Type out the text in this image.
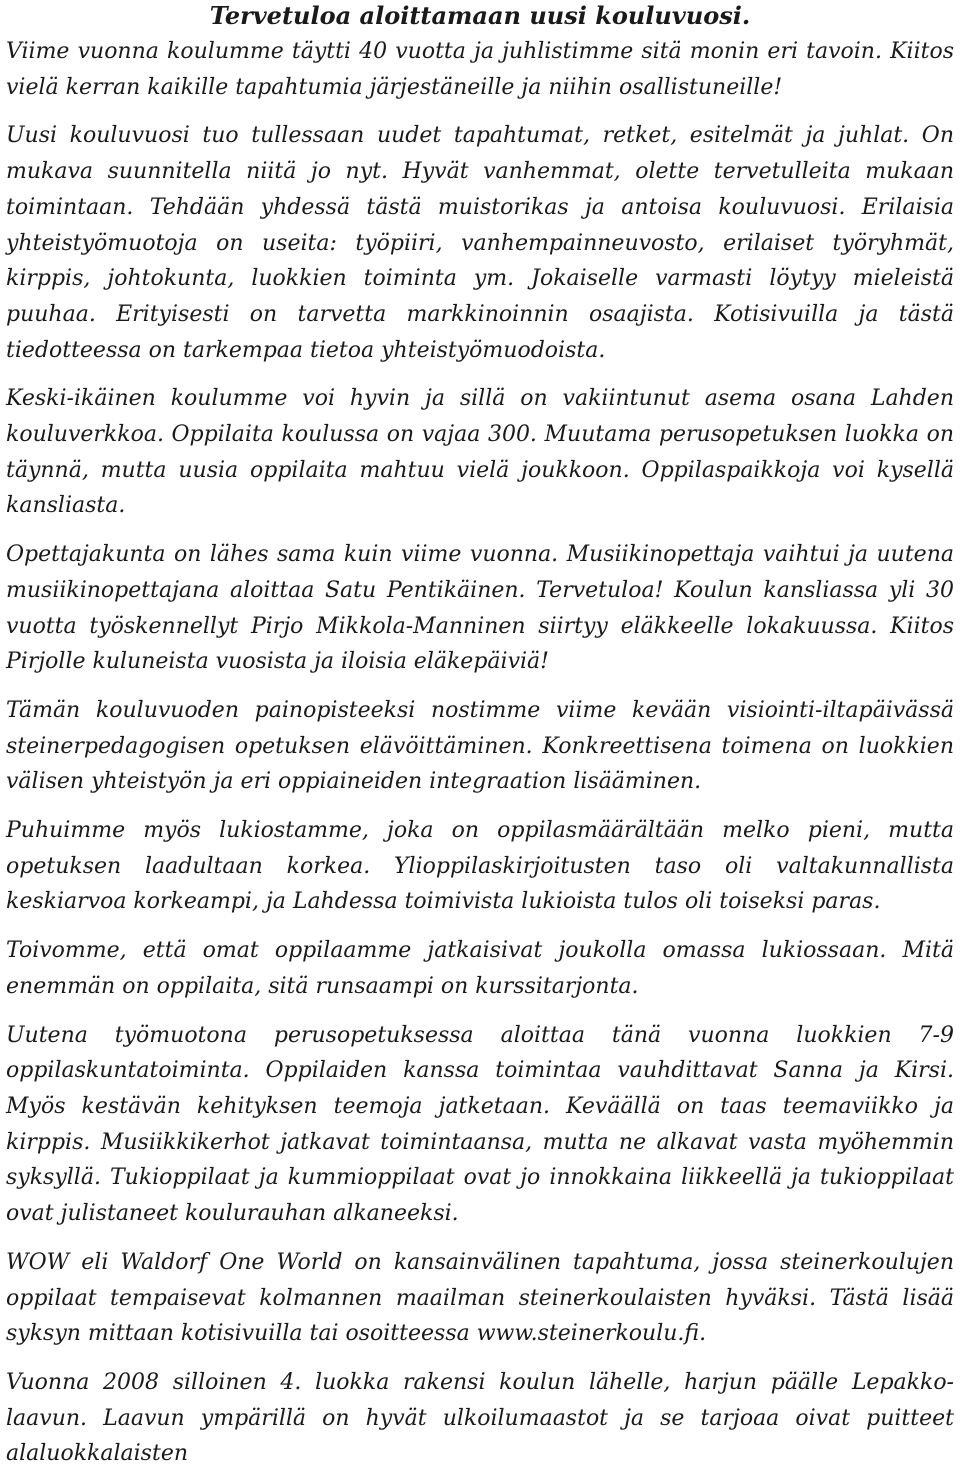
Tervetuloa aloittamaan uusi kouluvuosi.

Viime vuonna koulumme täytti 40 vuotta ja juhlistimme sitä monin eri tavoin. Kiitos vielä kerran kaikille tapahtumia järjestäneille ja niihin osallistuneille!

Uusi kouluvuosi tuo tullessaan uudet tapahtumat, retket, esitelmät ja juhlat. On mukava suunnitella niitä jo nyt. Hyvät vanhemmat, olette tervetulleita mukaan toimintaan. Tehdään yhdessä tästä muistorikas ja antoisa kouluvuosi. Erilaisia yhteistyömuotoja on useita: työpiiri, vanhempainneuvosto, erilaiset työryhmät, kirppis, johtokunta, luokkien toiminta ym. Jokaiselle varmasti löytyy mieleistä puuhaa. Erityisesti on tarvetta markkinoinnin osaajista. Kotisivuilla ja tästä tiedotteessa on tarkempaa tietoa yhteistyömuodoista.

Keski-ikäinen koulumme voi hyvin ja sillä on vakiintunut asema osana Lahden kouluverkkoa. Oppilaita koulussa on vajaa 300. Muutama perusopetuksen luokka on täynnä, mutta uusia oppilaita mahtuu vielä joukkoon. Oppilaspaikkoja voi kysellä kansliasta.

Opettajakunta on lähes sama kuin viime vuonna. Musiikinopettaja vaihtui ja uutena musiikinopettajana aloittaa Satu Pentikäinen. Tervetuloa! Koulun kansliassa yli 30 vuotta työskennellyt Pirjo Mikkola-Manninen siirtyy eläkkeelle lokakuussa. Kiitos Pirjolle kuluneista vuosista ja iloisia eläkepäiviä!

Tämän kouluvuoden painopisteeksi nostimme viime kevään visiointi-iltapäivässä steinerpedagogisen opetuksen elävöittäminen. Konkreettisena toimena on luokkien välisen yhteistyön ja eri oppiaineiden integraation lisääminen.

Puhuimme myös lukiostamme, joka on oppilasmäärältään melko pieni, mutta opetuksen laadultaan korkea. Ylioppilaskirjoitusten taso oli valtakunnallista keskiarvoa korkeampi, ja Lahdessa toimivista lukioista tulos oli toiseksi paras.

Toivomme, että omat oppilaamme jatkaisivat joukolla omassa lukiossaan. Mitä enemmän on oppilaita, sitä runsaampi on kurssitarjonta.

Uutena työmuotona perusopetuksessa aloittaa tänä vuonna luokkien 7-9 oppilaskuntatoiminta. Oppilaiden kanssa toimintaa vauhdittavat Sanna ja Kirsi. Myös kestävän kehityksen teemoja jatketaan. Keväällä on taas teemaviikko ja kirppis. Musiikkikerhot jatkavat toimintaansa, mutta ne alkavat vasta myöhemmin syksyllä. Tukioppilaat ja kummioppilaat ovat jo innokkaina liikkeellä ja tukioppilaat ovat julistaneet koulurauhan alkaneeksi.

WOW eli Waldorf One World on kansainvälinen tapahtuma, jossa steinerkoulujen oppilaat tempaisevat kolmannen maailman steinerkoulaisten hyväksi. Tästä lisää syksyn mittaan kotisivuilla tai osoitteessa www.steinerkoulu.fi.

Vuonna 2008 silloinen 4. luokka rakensi koulun lähelle, harjun päälle Lepakko-laavun. Laavun ympärillä on hyvät ulkoilumaastot ja se tarjoaa oivat puitteet alaluokkalaisten
